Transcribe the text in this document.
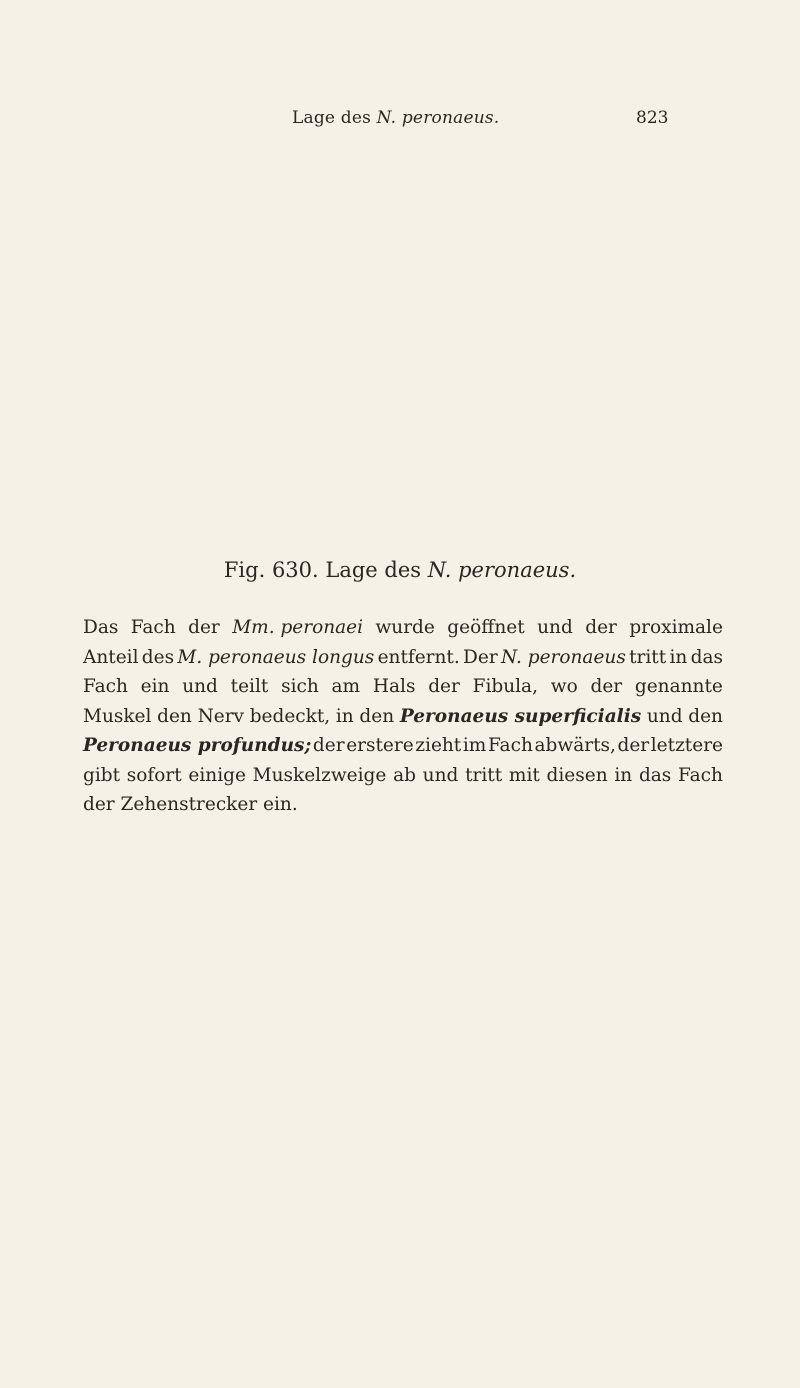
Lage des N. peronaeus.	823
Fig. 630. Lage des N. peronaeus.
Das Fach der Mm. peronaei wurde geöffnet und der proximale
Anteil des M. peronaeus longus entfernt. Der N. peronaeus tritt in das
Fach ein und teilt sich am Hals der Fibula, wo der genannte
Muskel den Nerv bedeckt, in den Peronaeus superficialis und den
Peronaeus profundus; der erstere zieht im Fach abwärts, der letztere
gibt sofort einige Muskelzweige ab und tritt mit diesen in das Fach
der Zehenstrecker ein.
